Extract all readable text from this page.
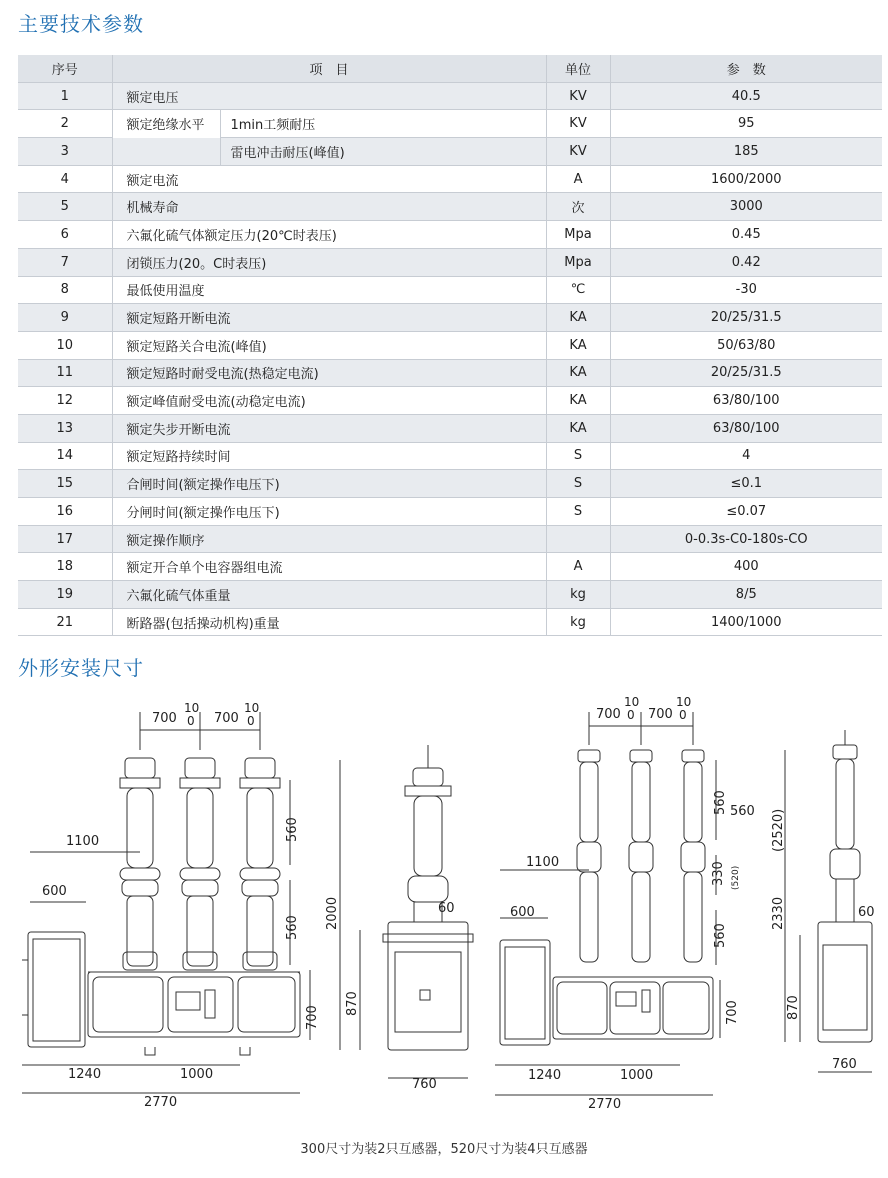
主要技术参数
序号	项　目		单位	参　数
1	额定电压		KV	40.5
2	额定绝缘水平	1min工频耐压	KV	95
3		雷电冲击耐压(峰值)	KV	185
4	额定电流		A	1600/2000
5	机械寿命		次	3000
6	六氟化硫气体额定压力(20℃时表压)		Mpa	0.45
7	闭锁压力(20。C时表压)		Mpa	0.42
8	最低使用温度		℃	-30
9	额定短路开断电流		KA	20/25/31.5
10	额定短路关合电流(峰值)		KA	50/63/80
11	额定短路时耐受电流(热稳定电流)		KA	20/25/31.5
12	额定峰值耐受电流(动稳定电流)		KA	63/80/100
13	额定失步开断电流		KA	63/80/100
14	额定短路持续时间		S	4
15	合闸时间(额定操作电压下)		S	≤0.1
16	分闸时间(额定操作电压下)		S	≤0.07
17	额定操作顺序			0-0.3s-C0-180s-CO
18	额定开合单个电容器组电流		A	400
19	六氟化硫气体重量		kg	8/5
21	断路器(包括操动机构)重量		kg	1400/1000
外形安装尺寸
700
10
0 700
10
0
1100
600
560
560
700
1240	1000
2770
2000
870
60
760
700
10
0 700
10
0
1100
600
560 560
330 (520)
560
700
1240	1000
2770
2330
(2520)
870
60
760
300尺寸为装2只互感器，520尺寸为装4只互感器
